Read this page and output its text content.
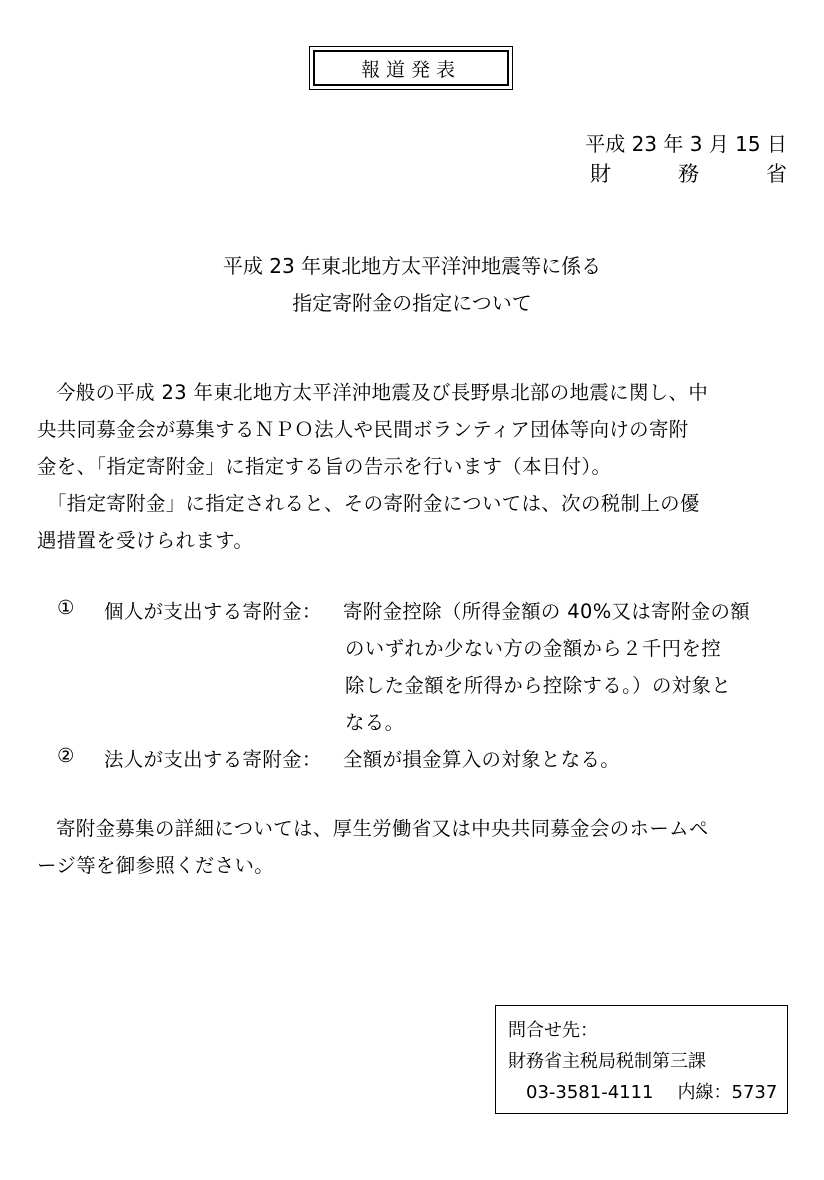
報道発表
平成 23 年 3 月 15 日
財	務	省
平成 23 年東北地方太平洋沖地震等に係る
指定寄附金の指定について
今般の平成 23 年東北地方太平洋沖地震及び長野県北部の地震に関し、中
央共同募金会が募集するＮＰＯ法人や民間ボランティア団体等向けの寄附
金を、「指定寄附金」に指定する旨の告示を行います（本日付）。
「指定寄附金」に指定されると、その寄附金については、次の税制上の優
遇措置を受けられます。
① 個人が支出する寄附金： 寄附金控除（所得金額の 40%又は寄附金の額
のいずれか少ない方の金額から２千円を控
除した金額を所得から控除する。）の対象と
なる。
② 法人が支出する寄附金： 全額が損金算入の対象となる。
寄附金募集の詳細については、厚生労働省又は中央共同募金会のホームペ
ージ等を御参照ください。
問合せ先：
財務省主税局税制第三課
03-3581-4111 内線：5737
